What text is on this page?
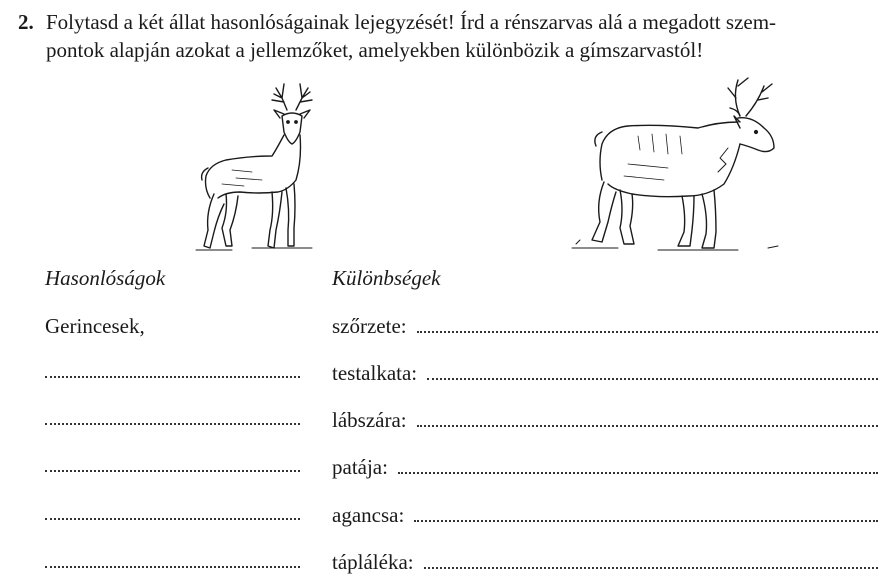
2. Folytasd a két állat hasonlóságainak lejegyzését! Írd a rénszarvas alá a megadott szem-
pontok alapján azokat a jellemzőket, amelyekben különbözik a gímszarvastól!
Hasonlóságok	Különbségek
Gerincesek,	szőrzete:
testalkata:
lábszára:
patája:
agancsa:
tápláléka:
